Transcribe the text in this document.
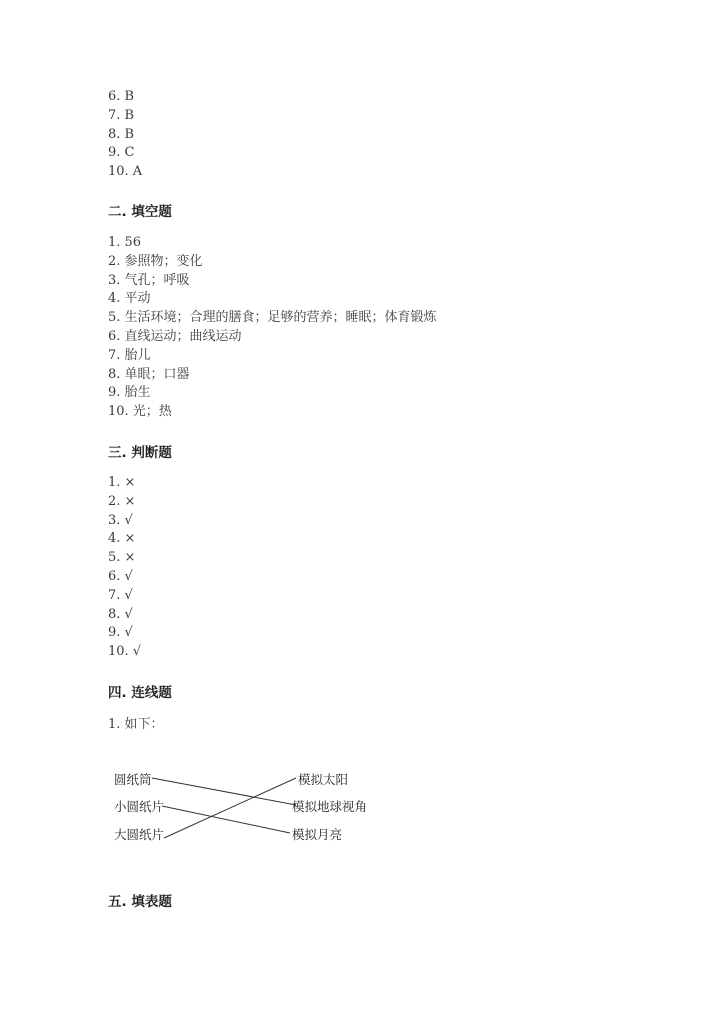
6. B
7. B
8. B
9. C
10. A
二. 填空题
1. 56
2. 参照物；变化
3. 气孔；呼吸
4. 平动
5. 生活环境；合理的膳食；足够的营养；睡眠；体育锻炼
6. 直线运动；曲线运动
7. 胎儿
8. 单眼；口器
9. 胎生
10. 光；热
三. 判断题
1. ×
2. ×
3. √
4. ×
5. ×
6. √
7. √
8. √
9. √
10. √
四. 连线题
1. 如下：
圆纸筒
小圆纸片
大圆纸片
模拟太阳
模拟地球视角
模拟月亮
五. 填表题
